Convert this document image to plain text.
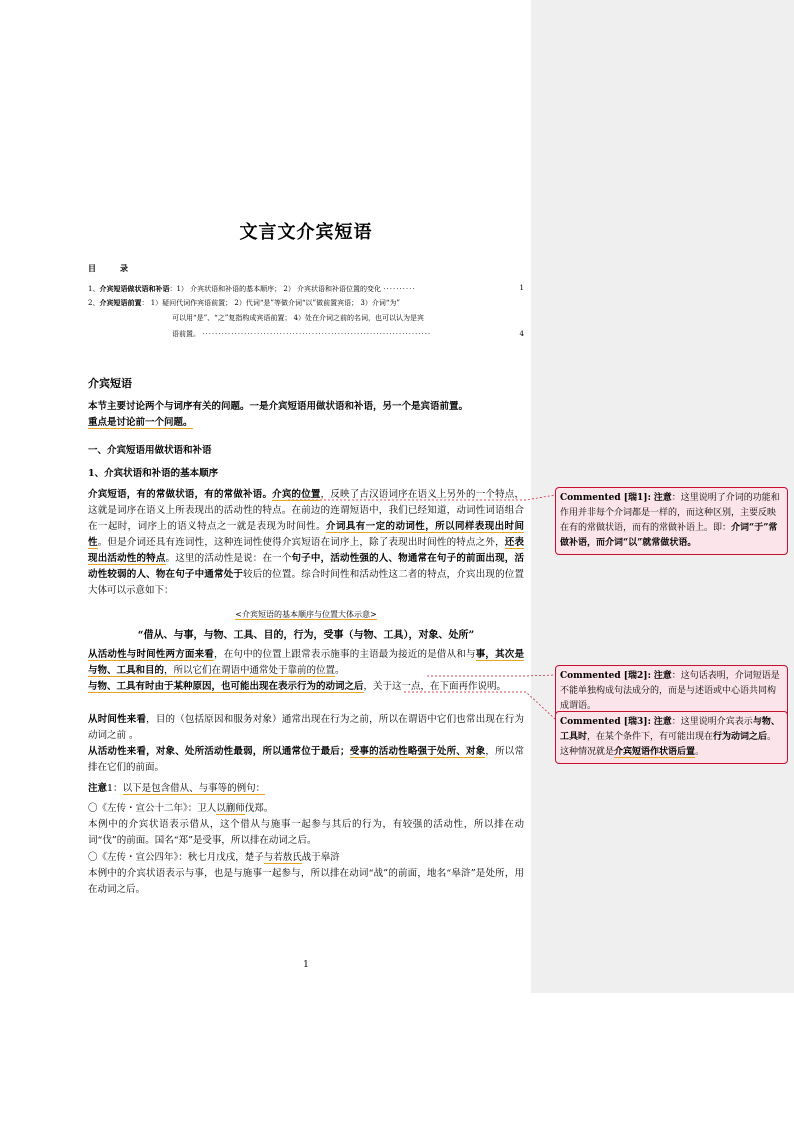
文言文介宾短语
目	录
1、介宾短语做状语和补语：1） 介宾状语和补语的基本顺序； 2） 介宾状语和补语位置的变化 ··········	1
2、介宾短语前置： 1）疑问代词作宾语前置； 2）代词“是”等做介词“以”做前置宾语； 3）介词“为”
可以用“是”、“之”复指构成宾语前置； 4）处在介词之前的名词，也可以认为是宾
语前置。 ·······································································	4
介宾短语
本节主要讨论两个与词序有关的问题。一是介宾短语用做状语和补语，另一个是宾语前置。
重点是讨论前一个问题。
一、介宾短语用做状语和补语
1、介宾状语和补语的基本顺序
介宾短语，有的常做状语，有的常做补语。介宾的位置，反映了古汉语词序在语义上另外的一个特点，这就是词序在语义上所表现出的活动性的特点。在前边的连谓短语中，我们已经知道，动词性词语组合在一起时，词序上的语义特点之一就是表现为时间性。介词具有一定的动词性，所以同样表现出时间性。但是介词还具有连词性，这种连词性使得介宾短语在词序上，除了表现出时间性的特点之外，还表现出活动性的特点。这里的活动性是说：在一个句子中，活动性强的人、物通常在句子的前面出现，活动性较弱的人、物在句子中通常处于较后的位置。综合时间性和活动性这二者的特点，介宾出现的位置大体可以示意如下：
<介宾短语的基本顺序与位置大体示意>
“借从、与事，与物、工具、目的，行为，受事（与物、工具），对象、处所”
从活动性与时间性两方面来看，在句中的位置上跟常表示施事的主语最为接近的是借从和与事，其次是与物、工具和目的，所以它们在谓语中通常处于靠前的位置。
与物、工具有时由于某种原因，也可能出现在表示行为的动词之后，关于这一点，在下面再作说明。
从时间性来看，目的（包括原因和服务对象）通常出现在行为之前，所以在谓语中它们也常出现在行为动词之前 。
从活动性来看，对象、处所活动性最弱，所以通常位于最后；受事的活动性略强于处所、对象，所以常排在它们的前面。
注意1：以下是包含借从、与事等的例句：
〇《左传・宣公十二年》：卫人以蒯师伐郑。
本例中的介宾状语表示借从，这个借从与施事一起参与其后的行为，有较强的活动性，所以排在动词“伐”的前面。国名“郑”是受事，所以排在动词之后。
〇《左传・宣公四年》：秋七月戊戌，楚子与若敖氏战于皋浒
本例中的介宾状语表示与事，也是与施事一起参与，所以排在动词“战”的前面，地名“皋浒”是处所，用在动词之后。
1
Commented [瑞1]: 注意：这里说明了介词的功能和作用并非每个介词都是一样的，而这种区别，主要反映在有的常做状语，而有的常做补语上。即：介词“于”常做补语，而介词“以”就常做状语。
Commented [瑞2]: 注意：这句话表明，介词短语是不能单独构成句法成分的，而是与述语或中心语共同构成谓语。
Commented [瑞3]: 注意：这里说明介宾表示与物、工具时，在某个条件下，有可能出现在行为动词之后。这种情况就是介宾短语作状语后置。
